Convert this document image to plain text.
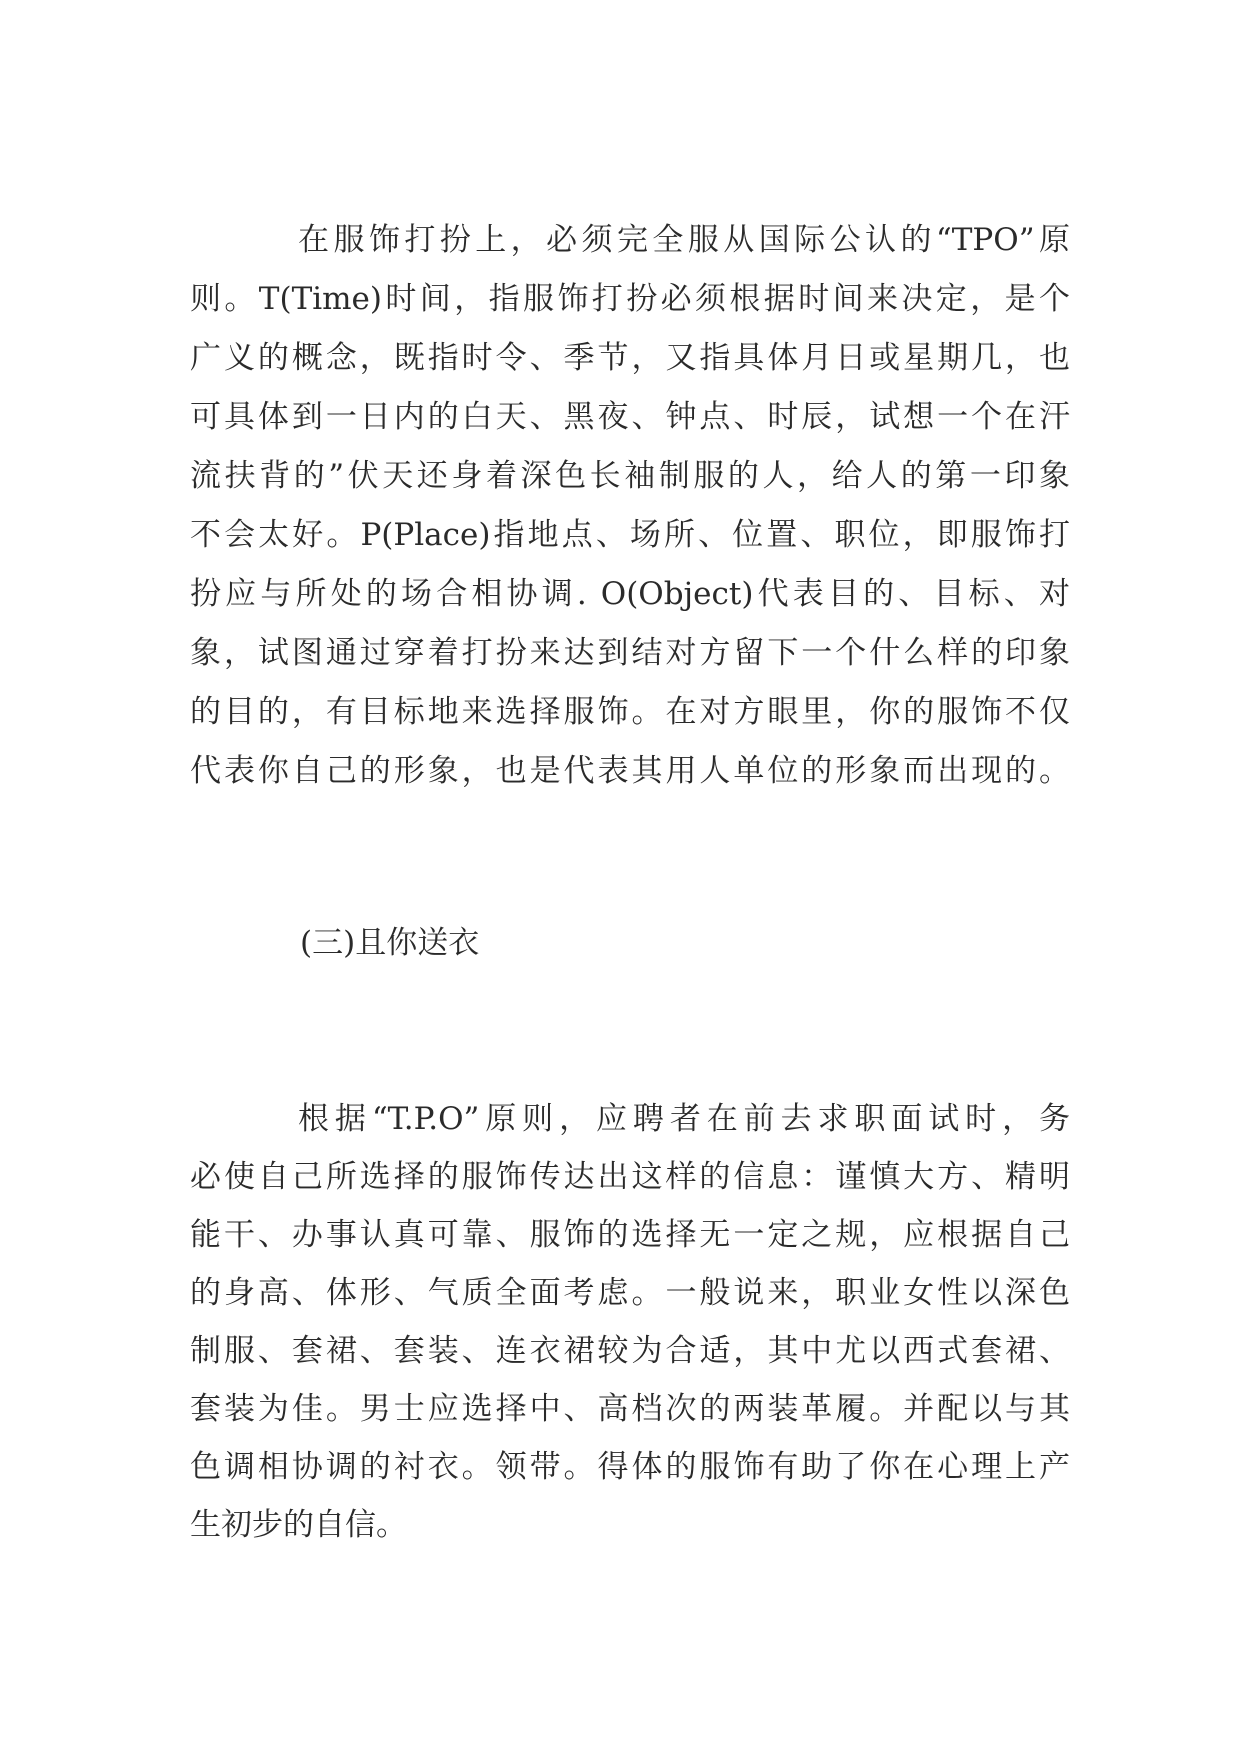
在服饰打扮上，必须完全服从国际公认的“TPO”原

则。T(Time)时间，指服饰打扮必须根据时间来决定，是个

广义的概念，既指时令、季节，又指具体月日或星期几，也

可具体到一日内的白天、黑夜、钟点、时辰，试想一个在汗

流扶背的”伏天还身着深色长袖制服的人，给人的第一印象

不会太好。P(Place)指地点、场所、位置、职位，即服饰打

扮应与所处的场合相协调. O(Object)代表目的、目标、对

象，试图通过穿着打扮来达到结对方留下一个什么样的印象

的目的，有目标地来选择服饰。在对方眼里，你的服饰不仅

代表你自己的形象，也是代表其用人单位的形象而出现的。

(三)且你送衣

根据“T.P.O”原则，应聘者在前去求职面试时，务

必使自己所选择的服饰传达出这样的信息：谨慎大方、精明

能干、办事认真可靠、服饰的选择无一定之规，应根据自己

的身高、体形、气质全面考虑。一般说来，职业女性以深色

制服、套裙、套装、连衣裙较为合适，其中尤以西式套裙、

套装为佳。男士应选择中、高档次的两装革履。并配以与其

色调相协调的衬衣。领带。得体的服饰有助了你在心理上产

生初步的自信。
